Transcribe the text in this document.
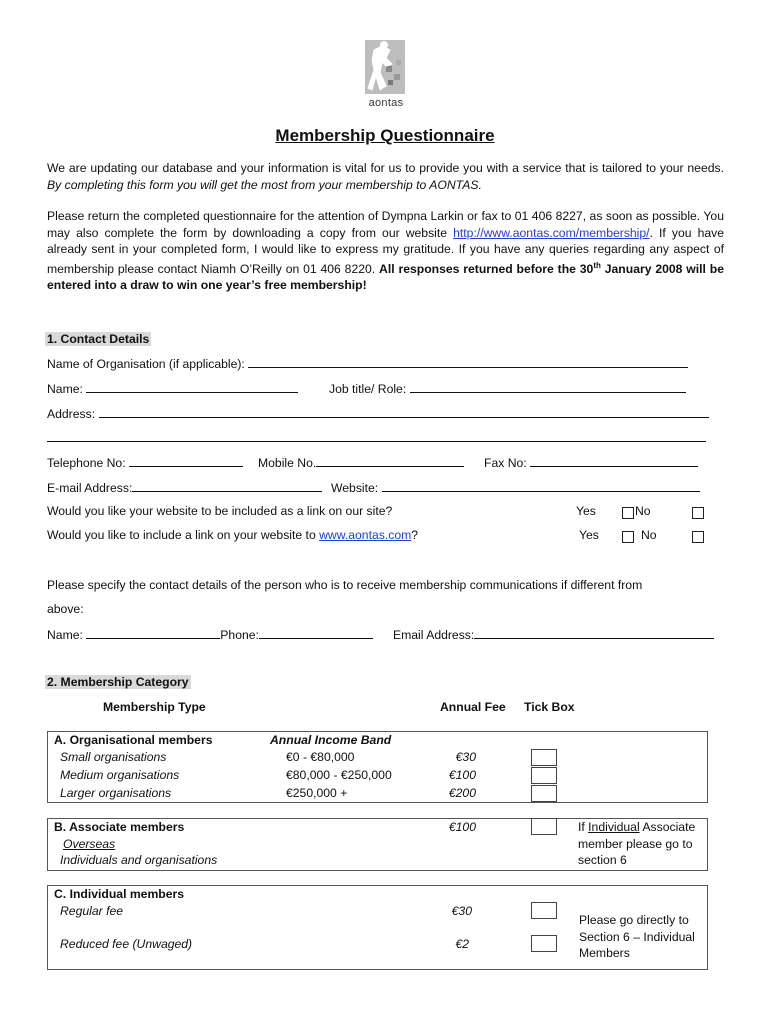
aontas
Membership Questionnaire
We are updating our database and your information is vital for us to provide you with a service that is tailored to your needs. By completing this form you will get the most from your membership to AONTAS.
Please return the completed questionnaire for the attention of Dympna Larkin or fax to 01 406 8227, as soon as possible. You may also complete the form by downloading a copy from our website http://www.aontas.com/membership/. If you have already sent in your completed form, I would like to express my gratitude. If you have any queries regarding any aspect of membership please contact Niamh O’Reilly on 01 406 8220. All responses returned before the 30th January 2008 will be entered into a draw to win one year’s free membership!
1. Contact Details
Name of Organisation (if applicable):
Name:	Job title/ Role:
Address:
Telephone No:	Mobile No.	Fax No:
E-mail Address:	Website:
Would you like your website to be included as a link on our site?	Yes	No
Would you like to include a link on your website to www.aontas.com?	Yes	No
Please specify the contact details of the person who is to receive membership communications if different from
above:
Name:	Phone:	Email Address:
2. Membership Category
Membership Type	Annual Fee Tick Box
A. Organisational members	Annual Income Band
Small organisations	€0 - €80,000	€30
Medium organisations	€80,000 - €250,000	€100
Larger organisations	€250,000 +	€200
B. Associate members	€100
Overseas
Individuals and organisations
If Individual Associate member please go to section 6
C. Individual members
Regular fee	€30
Reduced fee (Unwaged)	€2
Please go directly to Section 6 – Individual Members
